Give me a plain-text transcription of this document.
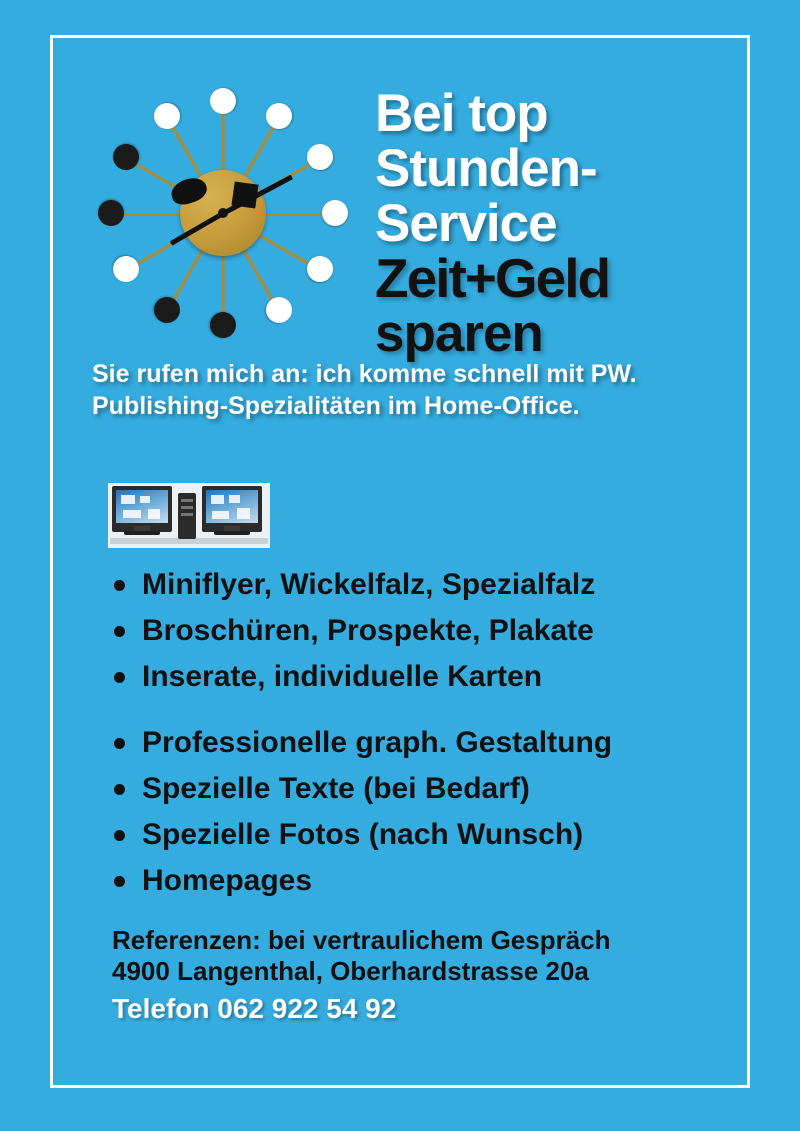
Bei top
Stunden-
Service
Zeit+Geld
sparen
Sie rufen mich an: ich komme schnell mit PW.
Publishing-Spezialitäten im Home-Office.
Miniflyer, Wickelfalz, Spezialfalz
Broschüren, Prospekte, Plakate
Inserate, individuelle Karten
Professionelle graph. Gestaltung
Spezielle Texte (bei Bedarf)
Spezielle Fotos (nach Wunsch)
Homepages
Referenzen: bei vertraulichem Gespräch
4900 Langenthal, Oberhardstrasse 20a
Telefon 062 922 54 92
